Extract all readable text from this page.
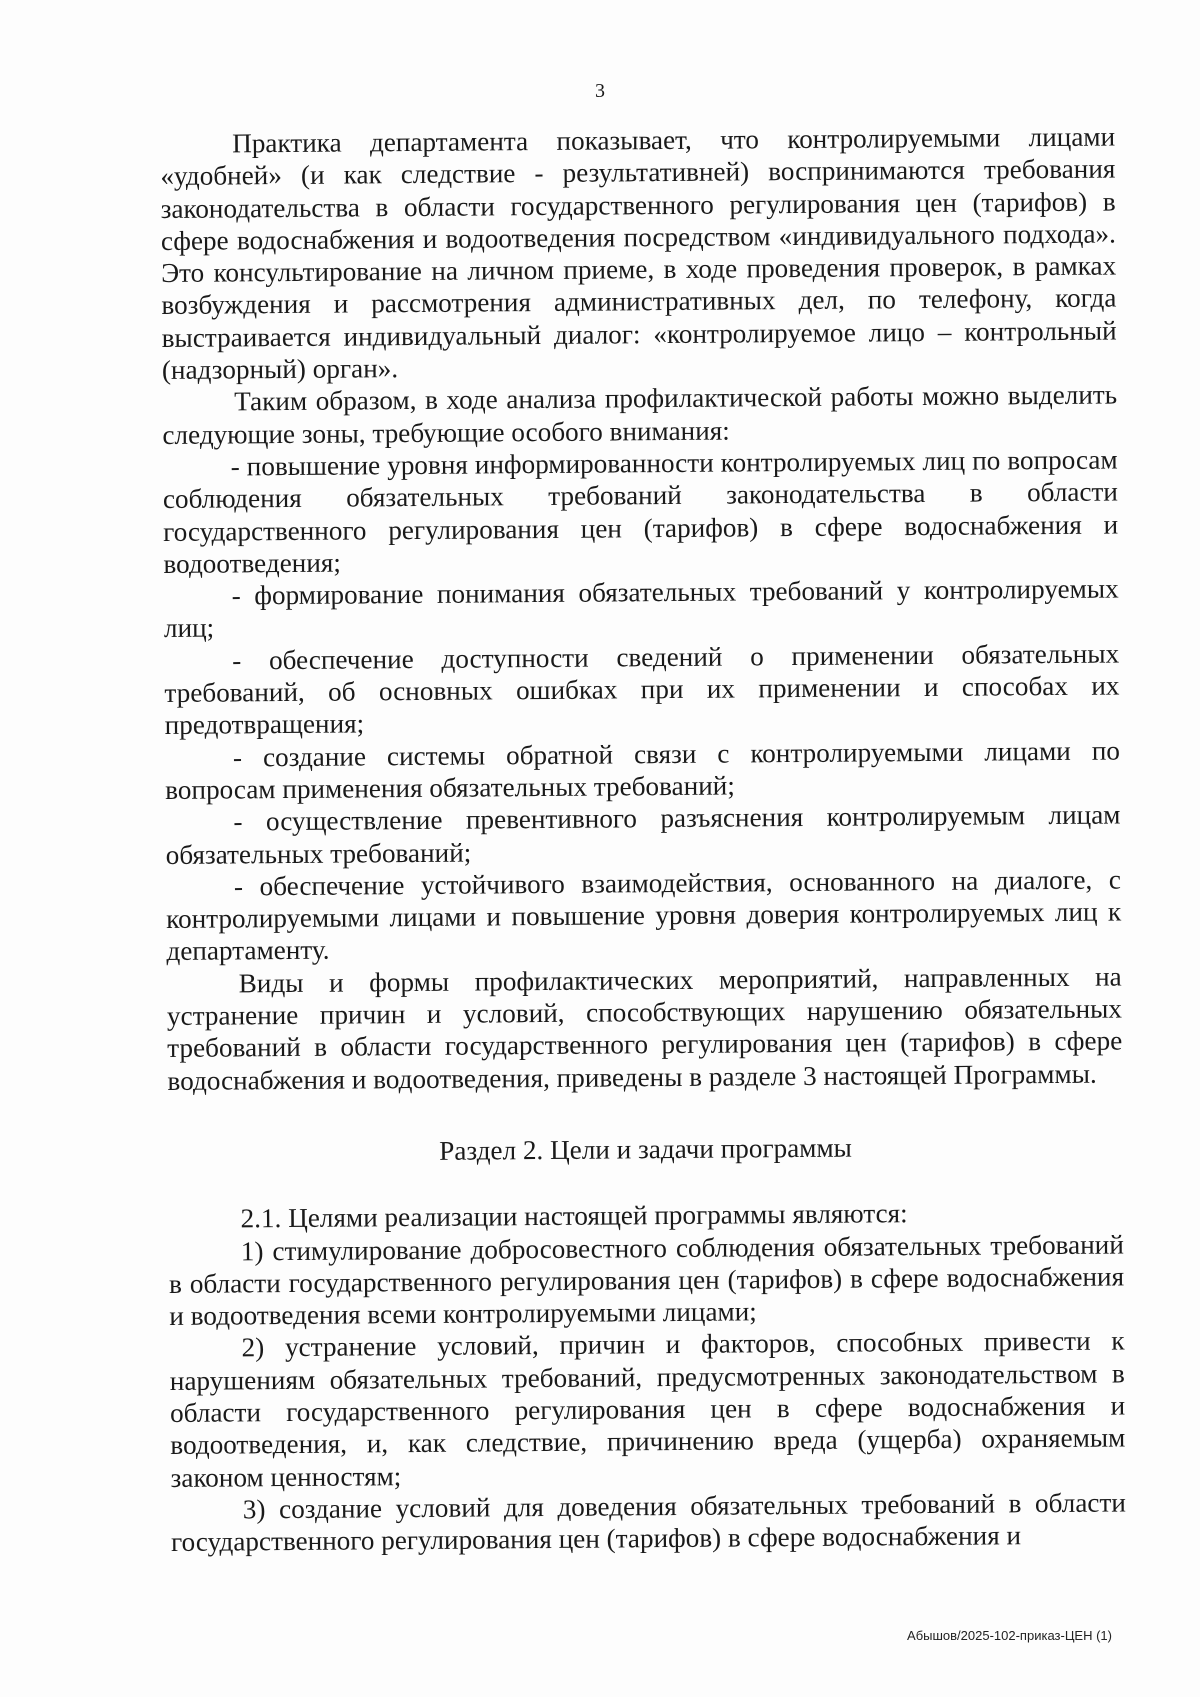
3

Практика департамента показывает, что контролируемыми лицами «удобней» (и как следствие - результативней) воспринимаются требования законодательства в области государственного регулирования цен (тарифов) в сфере водоснабжения и водоотведения посредством «индивидуального подхода». Это консультирование на личном приеме, в ходе проведения проверок, в рамках возбуждения и рассмотрения административных дел, по телефону, когда выстраивается индивидуальный диалог: «контролируемое лицо – контрольный (надзорный) орган».

Таким образом, в ходе анализа профилактической работы можно выделить следующие зоны, требующие особого внимания:

- повышение уровня информированности контролируемых лиц по вопросам соблюдения обязательных требований законодательства в области государственного регулирования цен (тарифов) в сфере водоснабжения и водоотведения;

- формирование понимания обязательных требований у контролируемых лиц;

- обеспечение доступности сведений о применении обязательных требований, об основных ошибках при их применении и способах их предотвращения;

- создание системы обратной связи с контролируемыми лицами по вопросам применения обязательных требований;

- осуществление превентивного разъяснения контролируемым лицам обязательных требований;

- обеспечение устойчивого взаимодействия, основанного на диалоге, с контролируемыми лицами и повышение уровня доверия контролируемых лиц к департаменту.

Виды и формы профилактических мероприятий, направленных на устранение причин и условий, способствующих нарушению обязательных требований в области государственного регулирования цен (тарифов) в сфере водоснабжения и водоотведения, приведены в разделе 3 настоящей Программы.

Раздел 2. Цели и задачи программы

2.1. Целями реализации настоящей программы являются:

1) стимулирование добросовестного соблюдения обязательных требований в области государственного регулирования цен (тарифов) в сфере водоснабжения и водоотведения всеми контролируемыми лицами;

2) устранение условий, причин и факторов, способных привести к нарушениям обязательных требований, предусмотренных законодательством в области государственного регулирования цен в сфере водоснабжения и водоотведения, и, как следствие, причинению вреда (ущерба) охраняемым законом ценностям;

3) создание условий для доведения обязательных требований в области государственного регулирования цен (тарифов) в сфере водоснабжения и

Абышов/2025-102-приказ-ЦЕН (1)
